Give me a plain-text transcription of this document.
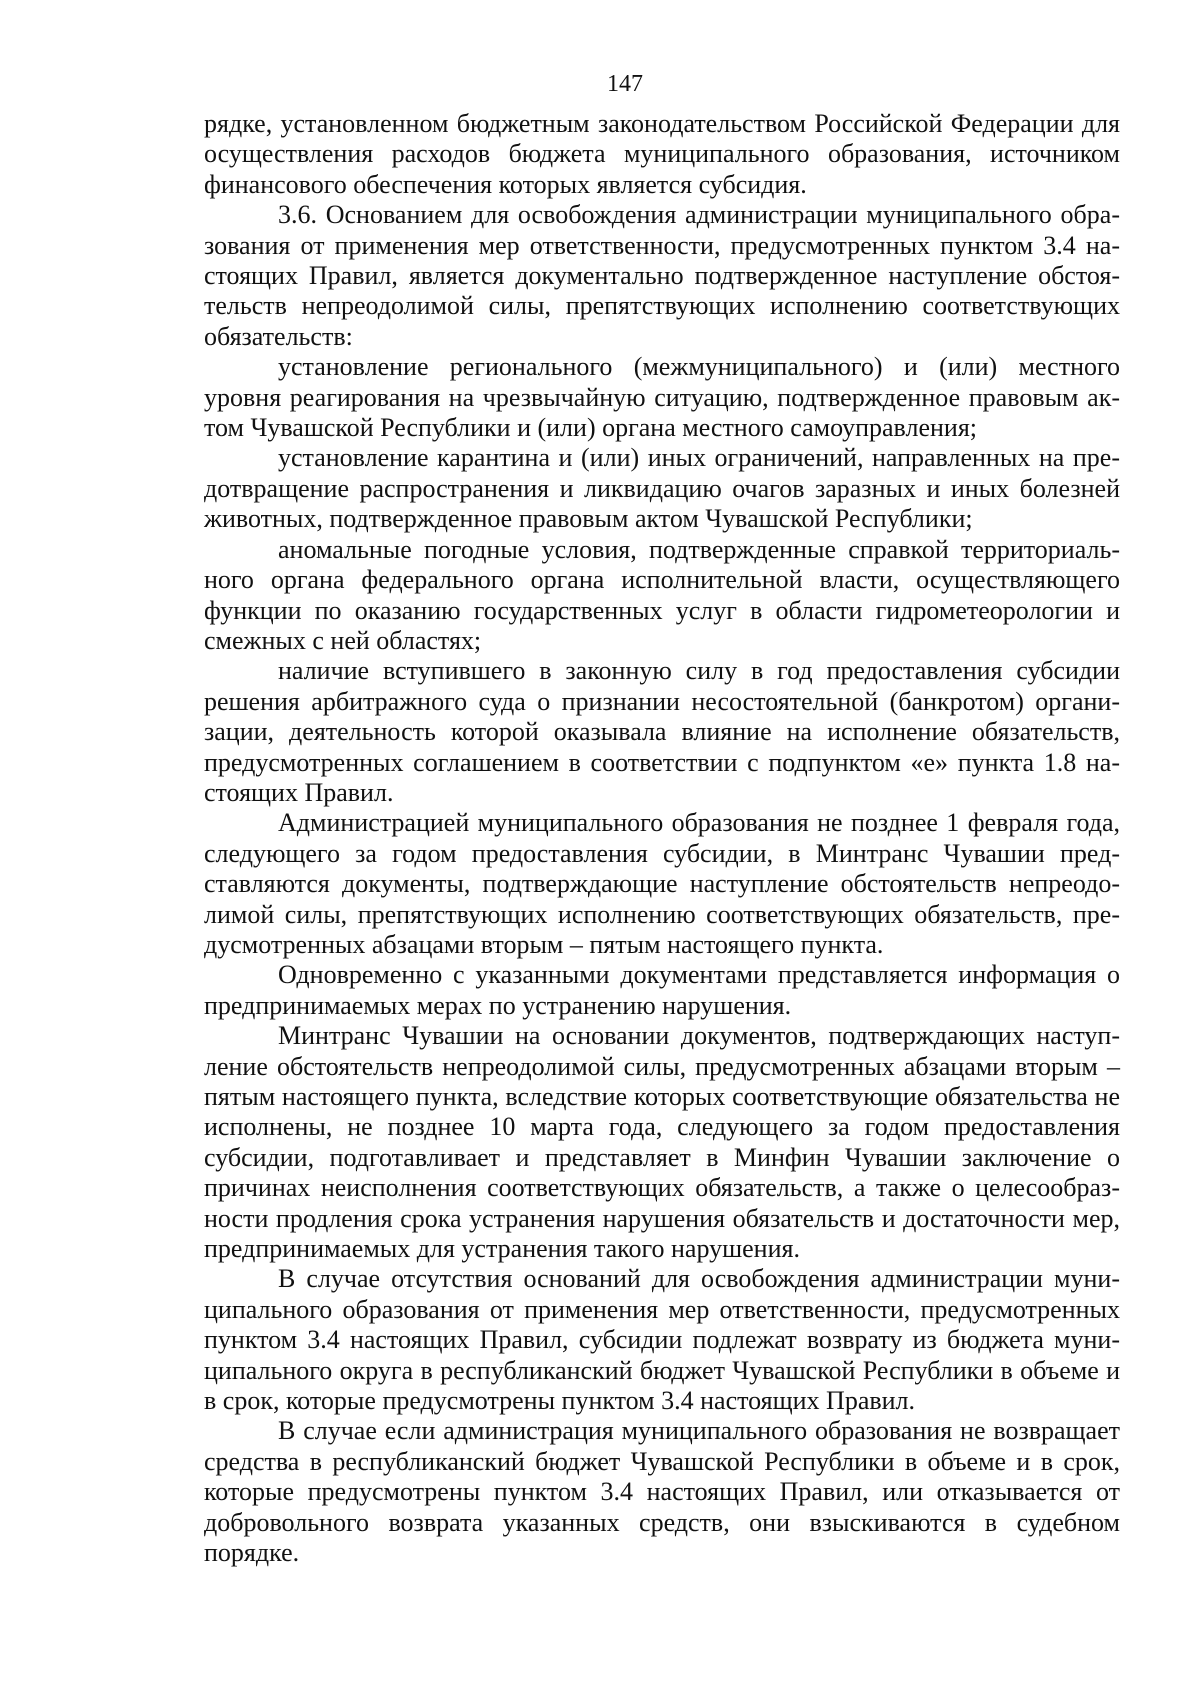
147

рядке, установленном бюджетным законодательством Российской Федерации для осуществления расходов бюджета муниципального образования, источником финансового обеспечения которых является субсидия.

3.6. Основанием для освобождения администрации муниципального образования от применения мер ответственности, предусмотренных пунктом 3.4 настоящих Правил, является документально подтвержденное наступление обстоятельств непреодолимой силы, препятствующих исполнению соответствующих обязательств:

установление регионального (межмуниципального) и (или) местного уровня реагирования на чрезвычайную ситуацию, подтвержденное правовым актом Чувашской Республики и (или) органа местного самоуправления;

установление карантина и (или) иных ограничений, направленных на предотвращение распространения и ликвидацию очагов заразных и иных болезней животных, подтвержденное правовым актом Чувашской Республики;

аномальные погодные условия, подтвержденные справкой территориального органа федерального органа исполнительной власти, осуществляющего функции по оказанию государственных услуг в области гидрометеорологии и смежных с ней областях;

наличие вступившего в законную силу в год предоставления субсидии решения арбитражного суда о признании несостоятельной (банкротом) организации, деятельность которой оказывала влияние на исполнение обязательств, предусмотренных соглашением в соответствии с подпунктом «е» пункта 1.8 настоящих Правил.

Администрацией муниципального образования не позднее 1 февраля года, следующего за годом предоставления субсидии, в Минтранс Чувашии представляются документы, подтверждающие наступление обстоятельств непреодолимой силы, препятствующих исполнению соответствующих обязательств, предусмотренных абзацами вторым – пятым настоящего пункта.

Одновременно с указанными документами представляется информация о предпринимаемых мерах по устранению нарушения.

Минтранс Чувашии на основании документов, подтверждающих наступление обстоятельств непреодолимой силы, предусмотренных абзацами вторым – пятым настоящего пункта, вследствие которых соответствующие обязательства не исполнены, не позднее 10 марта года, следующего за годом предоставления субсидии, подготавливает и представляет в Минфин Чувашии заключение о причинах неисполнения соответствующих обязательств, а также о целесообразности продления срока устранения нарушения обязательств и достаточности мер, предпринимаемых для устранения такого нарушения.

В случае отсутствия оснований для освобождения администрации муниципального образования от применения мер ответственности, предусмотренных пунктом 3.4 настоящих Правил, субсидии подлежат возврату из бюджета муниципального округа в республиканский бюджет Чувашской Республики в объеме и в срок, которые предусмотрены пунктом 3.4 настоящих Правил.

В случае если администрация муниципального образования не возвращает средства в республиканский бюджет Чувашской Республики в объеме и в срок, которые предусмотрены пунктом 3.4 настоящих Правил, или отказывается от добровольного возврата указанных средств, они взыскиваются в судебном порядке.
